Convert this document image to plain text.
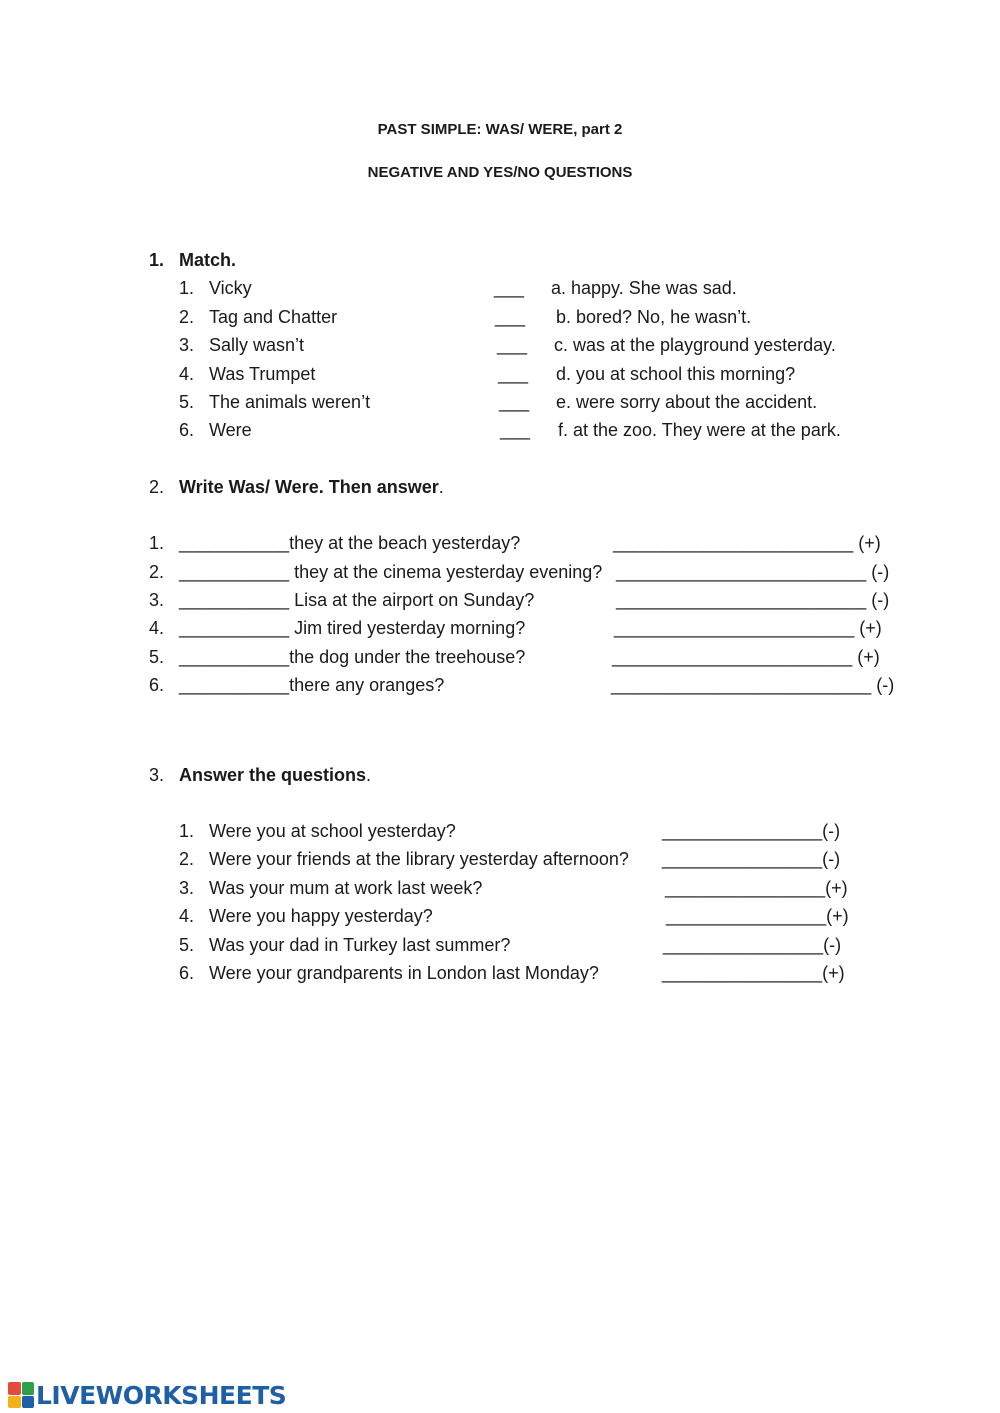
PAST SIMPLE: WAS/ WERE, part 2
NEGATIVE AND YES/NO QUESTIONS
1. Match.
1. Vicky	___ a. happy. She was sad.
2. Tag and Chatter	___ b. bored? No, he wasn’t.
3. Sally wasn’t	___ c. was at the playground yesterday.
4. Was Trumpet	___ d. you at school this morning?
5. The animals weren’t	___ e. were sorry about the accident.
6. Were	___ f. at the zoo. They were at the park.
2. Write Was/ Were. Then answer.
1. ___________they at the beach yesterday?	________________________ (+)
2. ___________ they at the cinema yesterday evening? _________________________ (-)
3. ___________ Lisa at the airport on Sunday?	_________________________ (-)
4. ___________ Jim tired yesterday morning?	________________________ (+)
5. ___________the dog under the treehouse?	________________________ (+)
6. ___________there any oranges?	__________________________ (-)
3. Answer the questions.
1. Were you at school yesterday?	________________(-)
2. Were your friends at the library yesterday afternoon? ________________(-)
3. Was your mum at work last week?	________________(+)
4. Were you happy yesterday?	________________(+)
5. Was your dad in Turkey last summer?	________________(-)
6. Were your grandparents in London last Monday?	________________(+)
LIVEWORKSHEETS
